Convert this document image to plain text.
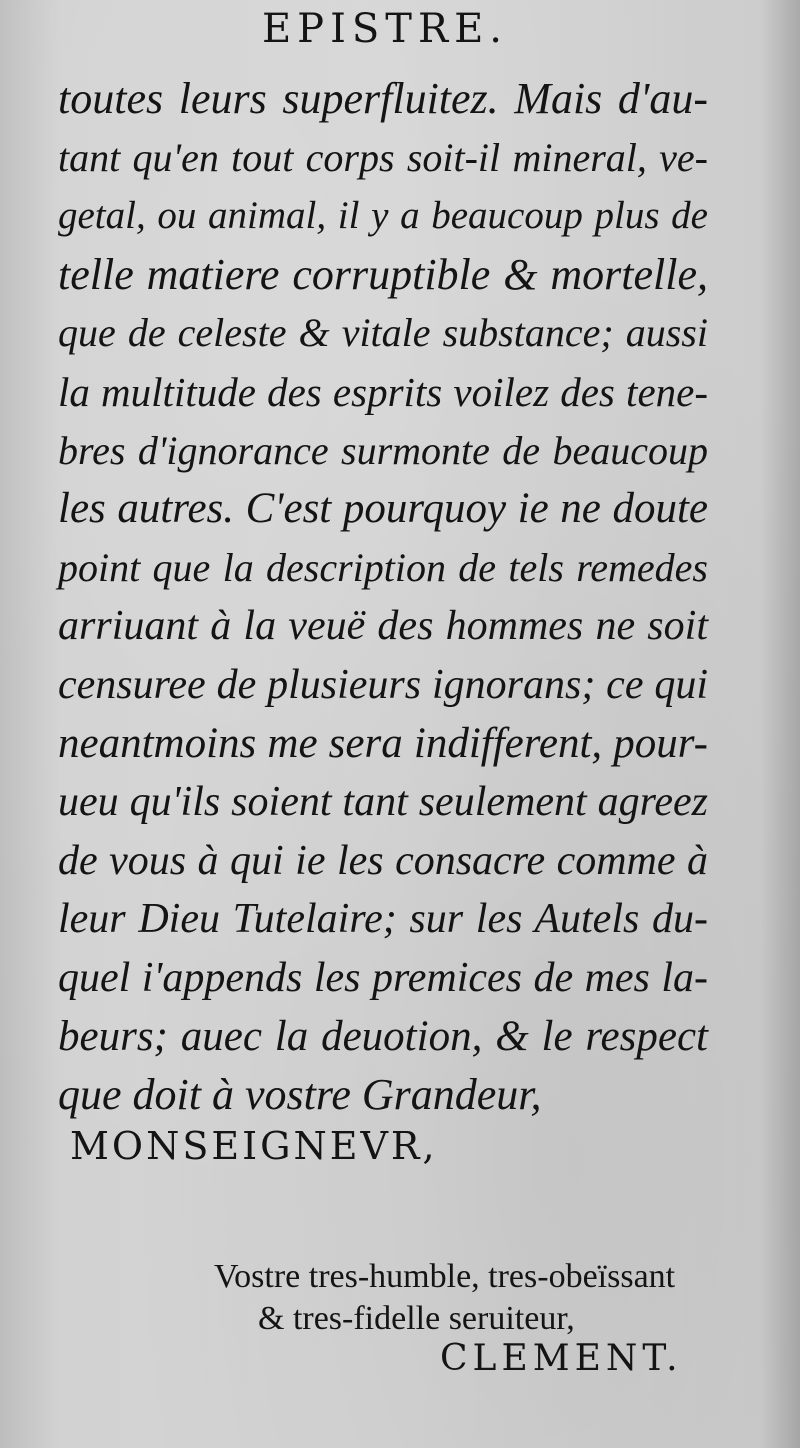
EPISTRE.
toutes leurs superfluitez. Mais d'au-
tant qu'en tout corps soit-il mineral, ve-
getal, ou animal, il y a beaucoup plus de
telle matiere corruptible & mortelle,
que de celeste & vitale substance; aussi
la multitude des esprits voilez des tene-
bres d'ignorance surmonte de beaucoup
les autres. C'est pourquoy ie ne doute
point que la description de tels remedes
arriuant à la veuë des hommes ne soit
censuree de plusieurs ignorans; ce qui
neantmoins me sera indifferent, pour-
ueu qu'ils soient tant seulement agreez
de vous à qui ie les consacre comme à
leur Dieu Tutelaire; sur les Autels du-
quel i'appends les premices de mes la-
beurs; auec la deuotion, & le respect
que doit à vostre Grandeur,
MONSEIGNEVR,
Vostre tres-humble, tres-obeïssant
& tres-fidelle seruiteur,
CLEMENT.
